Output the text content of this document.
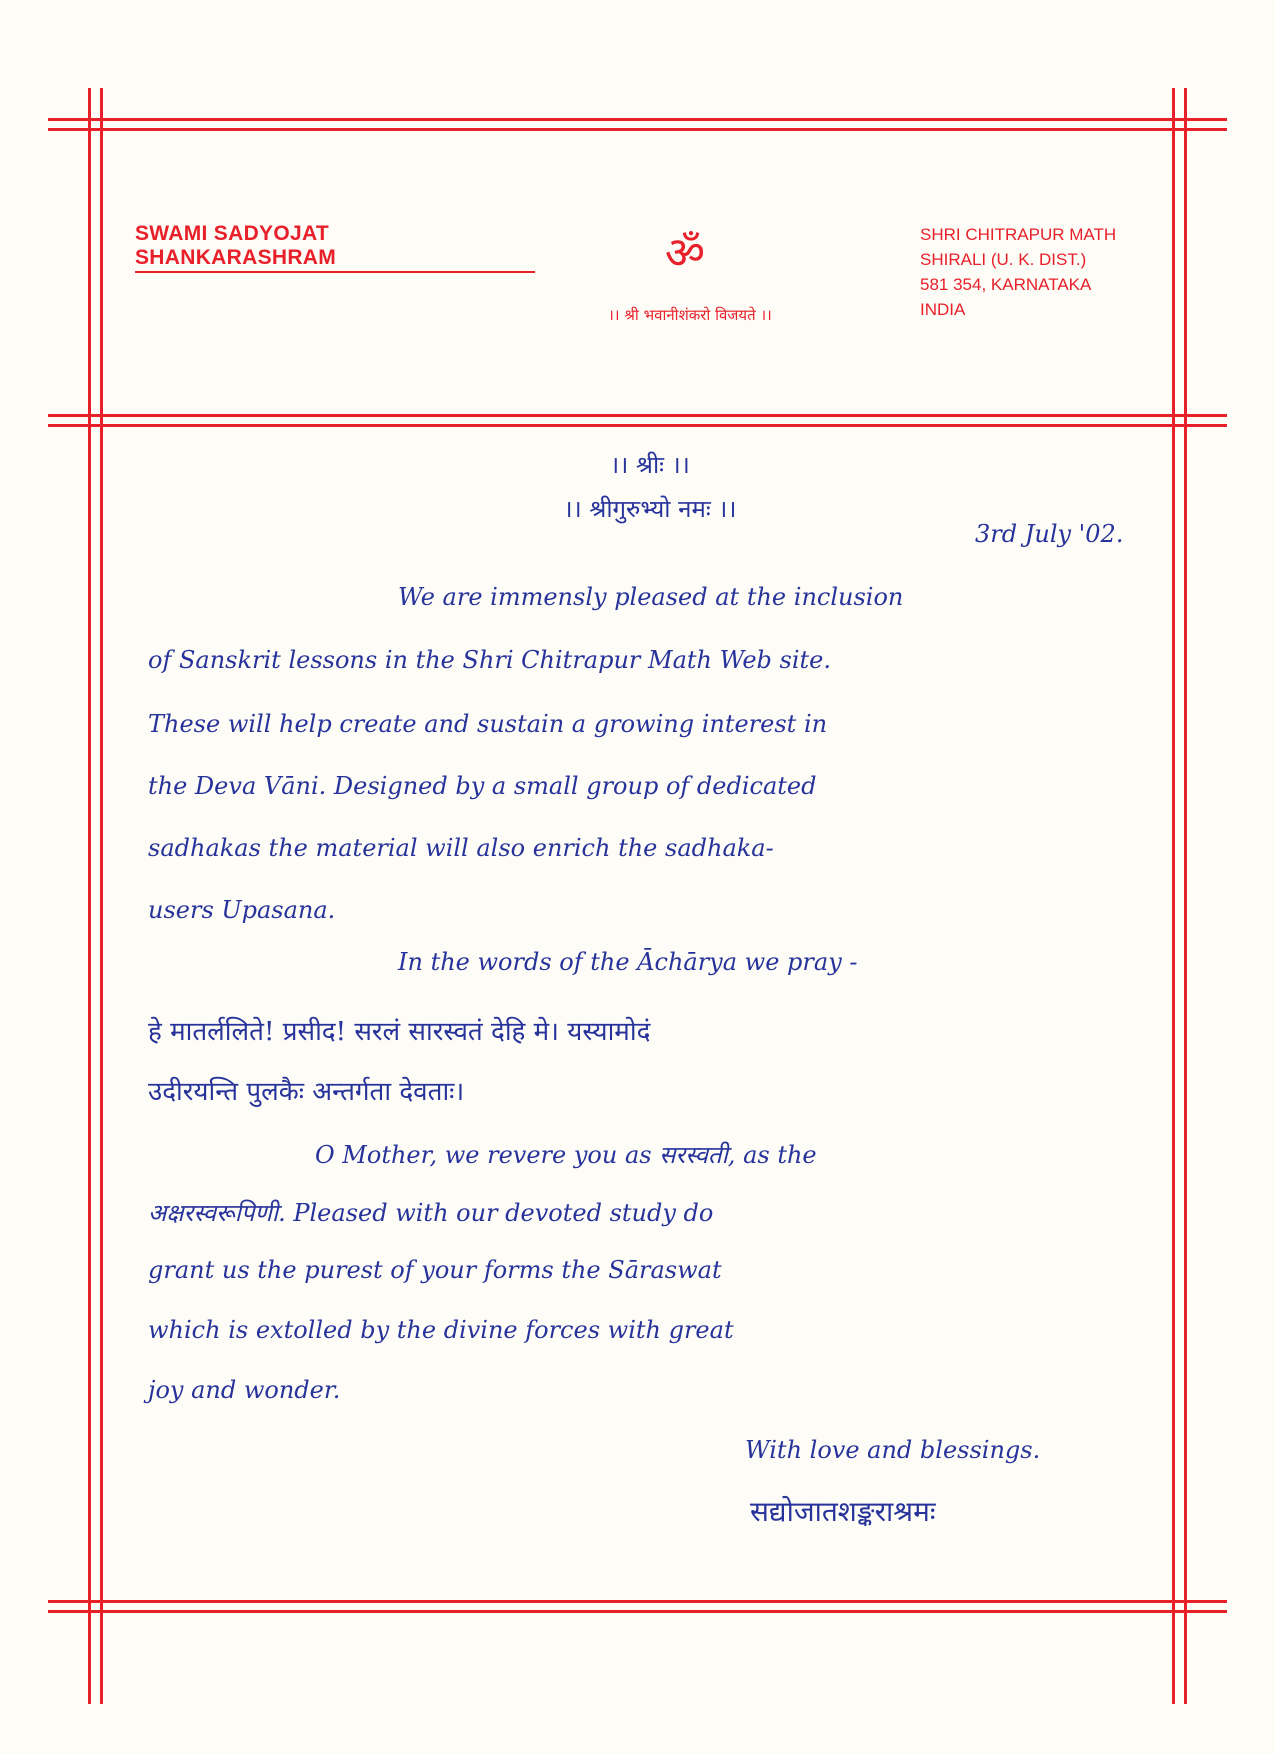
SWAMI SADYOJAT SHANKARASHRAM	ॐ
।। श्री भवानीशंकरो विजयते ।।
SHRI CHITRAPUR MATH
SHIRALI (U. K. DIST.)
581 354, KARNATAKA
INDIA
।। श्रीः ।।
।। श्रीगुरुभ्यो नमः ।।
3rd July '02.
We are immensly pleased at the inclusion
of Sanskrit lessons in the Shri Chitrapur Math Web site.
These will help create and sustain a growing interest in
the Deva Vāni. Designed by a small group of dedicated
sadhakas the material will also enrich the sadhaka-
users Upasana.
In the words of the Āchārya we pray -
हे मातर्ललिते! प्रसीद! सरलं सारस्वतं देहि मे। यस्यामोदं
उदीरयन्ति पुलकैः अन्तर्गता देवताः।
O Mother, we revere you as सरस्वती, as the
अक्षरस्वरूपिणी. Pleased with our devoted study do
grant us the purest of your forms the Sāraswat
which is extolled by the divine forces with great
joy and wonder.
With love and blessings.
सद्योजातशङ्कराश्रमः
